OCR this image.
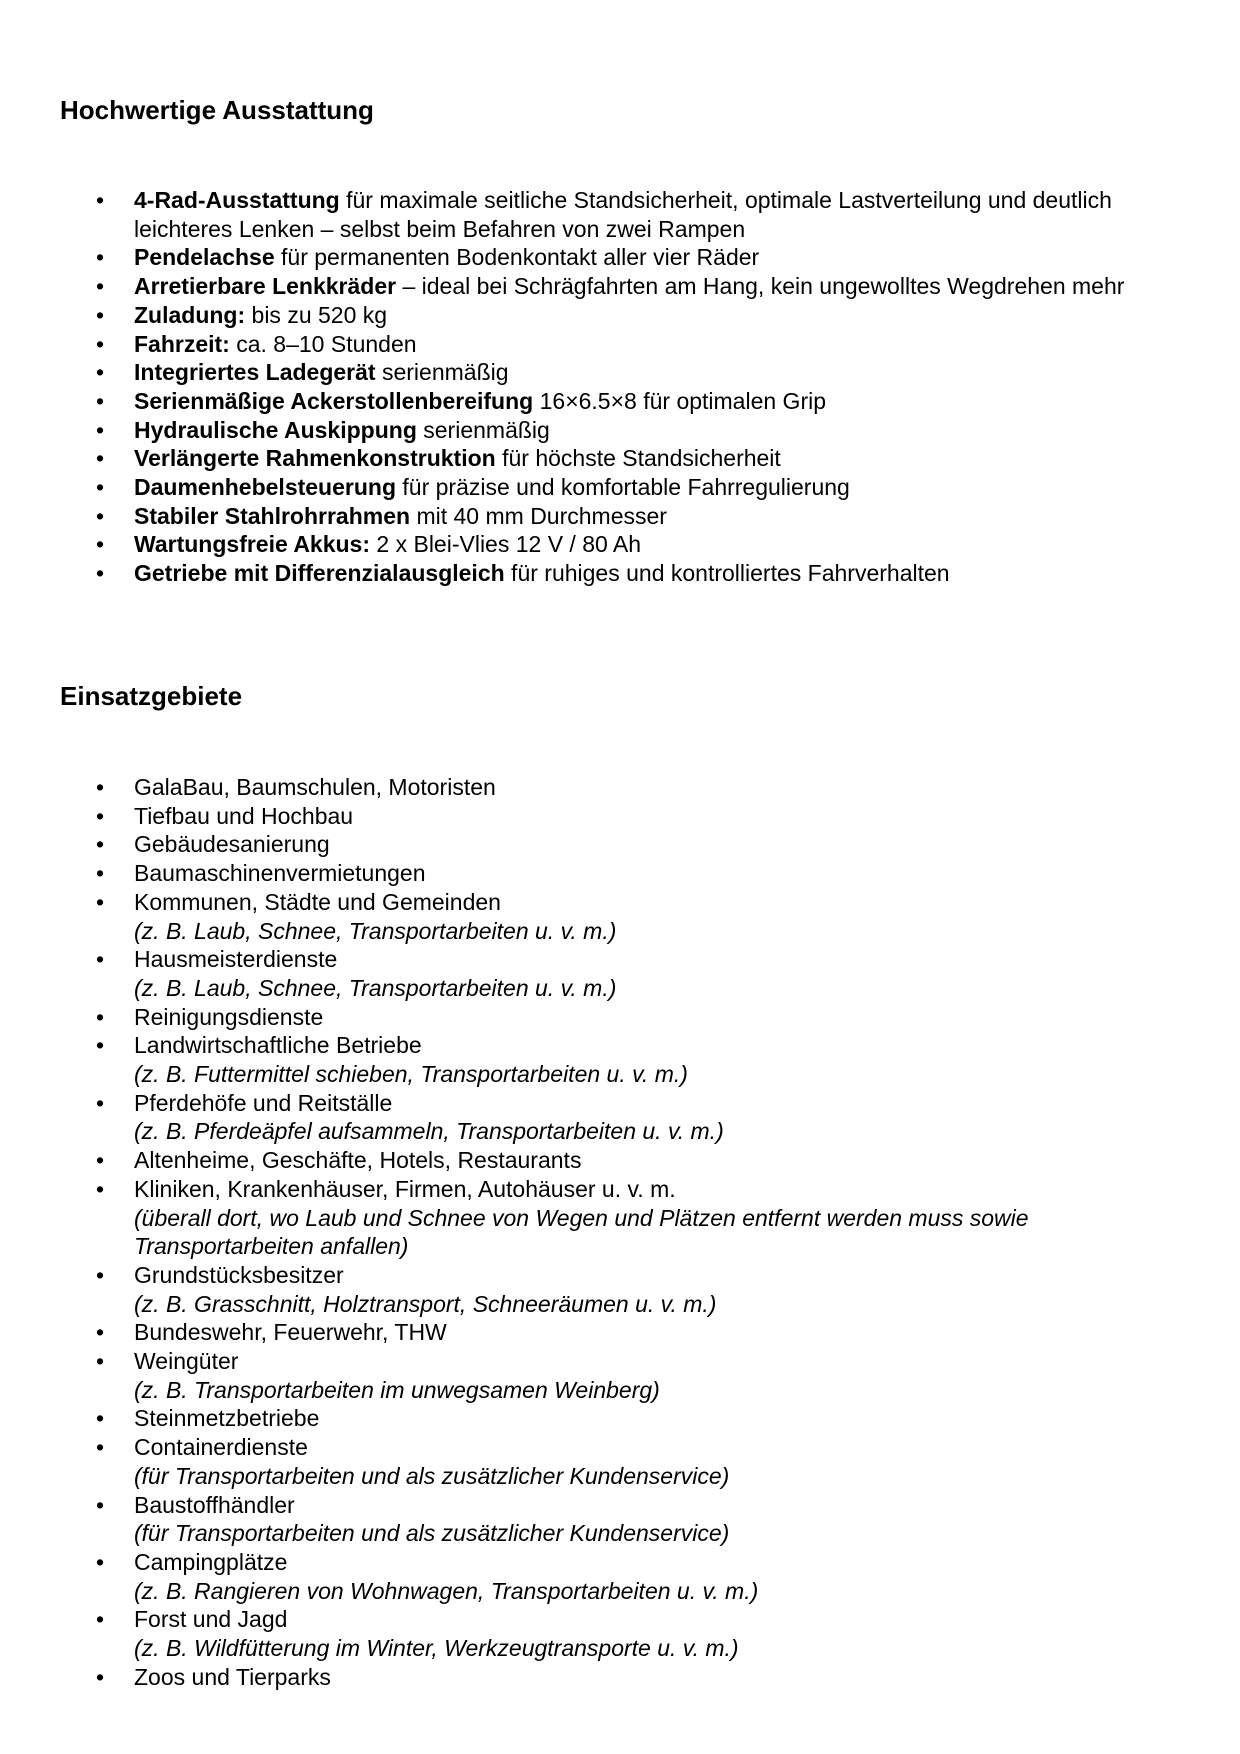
Hochwertige Ausstattung
• 4-Rad-Ausstattung für maximale seitliche Standsicherheit, optimale Lastverteilung und deutlich leichteres Lenken – selbst beim Befahren von zwei Rampen
• Pendelachse für permanenten Bodenkontakt aller vier Räder
• Arretierbare Lenkkräder – ideal bei Schrägfahrten am Hang, kein ungewolltes Wegdrehen mehr
• Zuladung: bis zu 520 kg
• Fahrzeit: ca. 8–10 Stunden
• Integriertes Ladegerät serienmäßig
• Serienmäßige Ackerstollenbereifung 16×6.5×8 für optimalen Grip
• Hydraulische Auskippung serienmäßig
• Verlängerte Rahmenkonstruktion für höchste Standsicherheit
• Daumenhebelsteuerung für präzise und komfortable Fahrregulierung
• Stabiler Stahlrohrrahmen mit 40 mm Durchmesser
• Wartungsfreie Akkus: 2 x Blei-Vlies 12 V / 80 Ah
• Getriebe mit Differenzialausgleich für ruhiges und kontrolliertes Fahrverhalten
Einsatzgebiete
• GalaBau, Baumschulen, Motoristen
• Tiefbau und Hochbau
• Gebäudesanierung
• Baumaschinenvermietungen
• Kommunen, Städte und Gemeinden
(z. B. Laub, Schnee, Transportarbeiten u. v. m.)
• Hausmeisterdienste
(z. B. Laub, Schnee, Transportarbeiten u. v. m.)
• Reinigungsdienste
• Landwirtschaftliche Betriebe
(z. B. Futtermittel schieben, Transportarbeiten u. v. m.)
• Pferdehöfe und Reitställe
(z. B. Pferdeäpfel aufsammeln, Transportarbeiten u. v. m.)
• Altenheime, Geschäfte, Hotels, Restaurants
• Kliniken, Krankenhäuser, Firmen, Autohäuser u. v. m.
(überall dort, wo Laub und Schnee von Wegen und Plätzen entfernt werden muss sowie Transportarbeiten anfallen)
• Grundstücksbesitzer
(z. B. Grasschnitt, Holztransport, Schneeräumen u. v. m.)
• Bundeswehr, Feuerwehr, THW
• Weingüter
(z. B. Transportarbeiten im unwegsamen Weinberg)
• Steinmetzbetriebe
• Containerdienste
(für Transportarbeiten und als zusätzlicher Kundenservice)
• Baustoffhändler
(für Transportarbeiten und als zusätzlicher Kundenservice)
• Campingplätze
(z. B. Rangieren von Wohnwagen, Transportarbeiten u. v. m.)
• Forst und Jagd
(z. B. Wildfütterung im Winter, Werkzeugtransporte u. v. m.)
• Zoos und Tierparks
